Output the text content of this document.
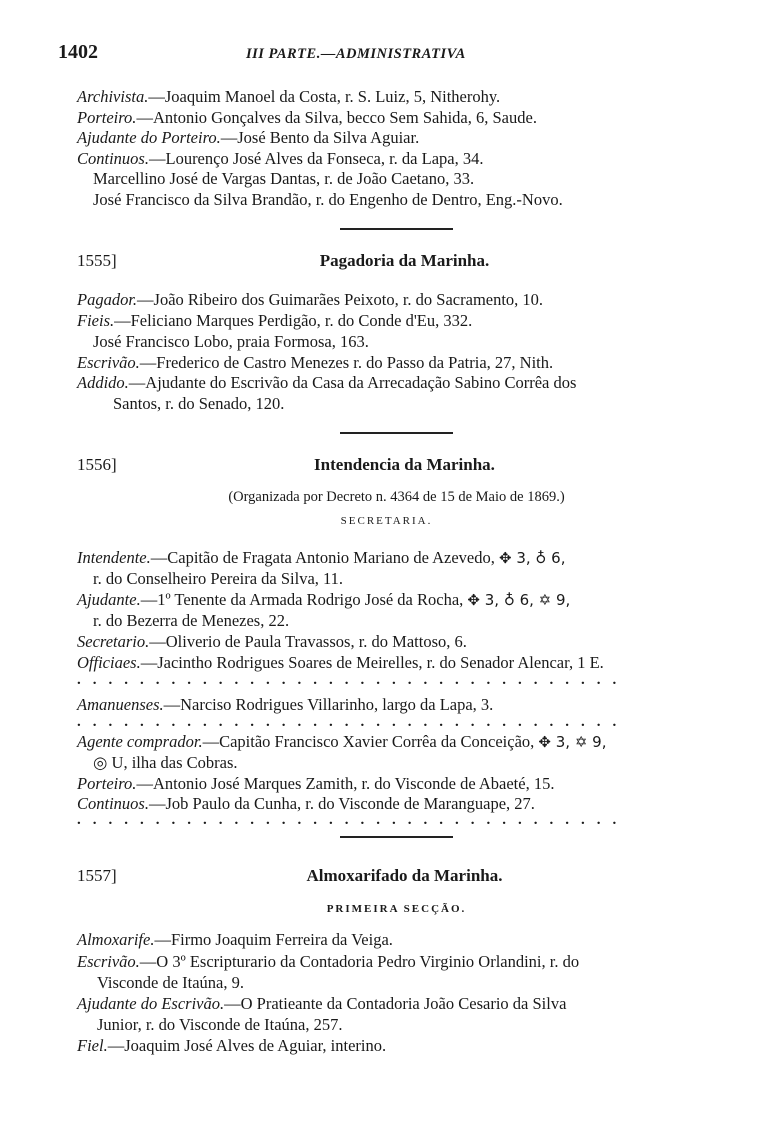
1402	III PARTE.—ADMINISTRATIVA
Archivista.—Joaquim Manoel da Costa, r. S. Luiz, 5, Nitherohy.
Porteiro.—Antonio Gonçalves da Silva, becco Sem Sahida, 6, Saude.
Ajudante do Porteiro.—José Bento da Silva Aguiar.
Continuos.—Lourenço José Alves da Fonseca, r. da Lapa, 34.
Marcellino José de Vargas Dantas, r. de João Caetano, 33.
José Francisco da Silva Brandão, r. do Engenho de Dentro, Eng.-Novo.
1555]	Pagadoria da Marinha.
Pagador.—João Ribeiro dos Guimarães Peixoto, r. do Sacramento, 10.
Fieis.—Feliciano Marques Perdigão, r. do Conde d'Eu, 332.
José Francisco Lobo, praia Formosa, 163.
Escrivão.—Frederico de Castro Menezes r. do Passo da Patria, 27, Nith.
Addido.—Ajudante do Escrivão da Casa da Arrecadação Sabino Corrêa dos
Santos, r. do Senado, 120.
1556]	Intendencia da Marinha.
(Organizada por Decreto n. 4364 de 15 de Maio de 1869.)
SECRETARIA.
Intendente.—Capitão de Fragata Antonio Mariano de Azevedo, ✥ 3, ♁ 6,
r. do Conselheiro Pereira da Silva, 11.
Ajudante.—1º Tenente da Armada Rodrigo José da Rocha, ✥ 3, ♁ 6, ✡ 9,
r. do Bezerra de Menezes, 22.
Secretario.—Oliverio de Paula Travassos, r. do Mattoso, 6.
Officiaes.—Jacintho Rodrigues Soares de Meirelles, r. do Senador Alencar, 1 E.
...................................
Amanuenses.—Narciso Rodrigues Villarinho, largo da Lapa, 3.
...................................
Agente comprador.—Capitão Francisco Xavier Corrêa da Conceição, ✥ 3, ✡ 9,
◎ U, ilha das Cobras.
Porteiro.—Antonio José Marques Zamith, r. do Visconde de Abaeté, 15.
Continuos.—Job Paulo da Cunha, r. do Visconde de Maranguape, 27.
...................................
1557]	Almoxarifado da Marinha.
PRIMEIRA SECÇÃO.
Almoxarife.—Firmo Joaquim Ferreira da Veiga.
Escrivão.—O 3º Escripturario da Contadoria Pedro Virginio Orlandini, r. do
Visconde de Itaúna, 9.
Ajudante do Escrivão.—O Pratieante da Contadoria João Cesario da Silva
Junior, r. do Visconde de Itaúna, 257.
Fiel.—Joaquim José Alves de Aguiar, interino.
